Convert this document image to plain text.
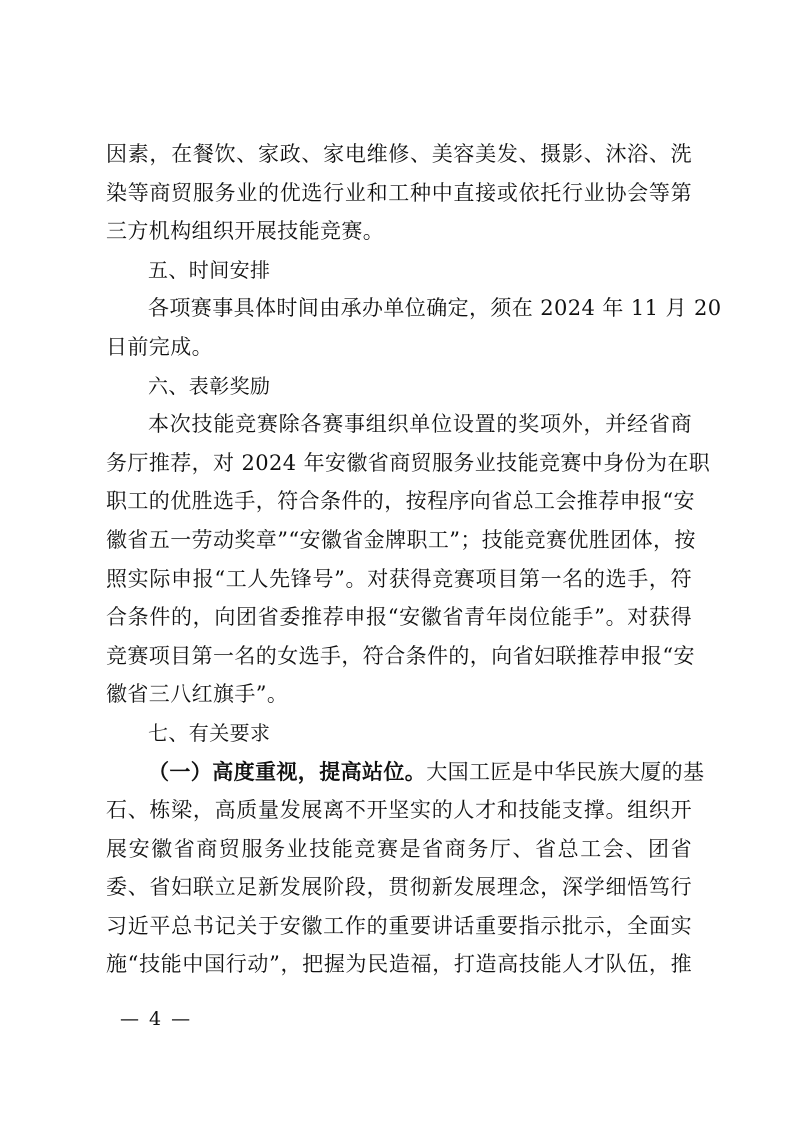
因素，在餐饮、家政、家电维修、美容美发、摄影、沐浴、洗
染等商贸服务业的优选行业和工种中直接或依托行业协会等第
三方机构组织开展技能竞赛。
五、时间安排
各项赛事具体时间由承办单位确定，须在 2024 年 11 月 20
日前完成。
六、表彰奖励
本次技能竞赛除各赛事组织单位设置的奖项外，并经省商
务厅推荐，对 2024 年安徽省商贸服务业技能竞赛中身份为在职
职工的优胜选手，符合条件的，按程序向省总工会推荐申报“安
徽省五一劳动奖章”“安徽省金牌职工”；技能竞赛优胜团体，按
照实际申报“工人先锋号”。对获得竞赛项目第一名的选手，符
合条件的，向团省委推荐申报“安徽省青年岗位能手”。对获得
竞赛项目第一名的女选手，符合条件的，向省妇联推荐申报“安
徽省三八红旗手”。
七、有关要求
（一）高度重视，提高站位。大国工匠是中华民族大厦的基
石、栋梁，高质量发展离不开坚实的人才和技能支撑。组织开
展安徽省商贸服务业技能竞赛是省商务厅、省总工会、团省
委、省妇联立足新发展阶段，贯彻新发展理念，深学细悟笃行
习近平总书记关于安徽工作的重要讲话重要指示批示，全面实
施“技能中国行动”，把握为民造福，打造高技能人才队伍，推
— 4 —
